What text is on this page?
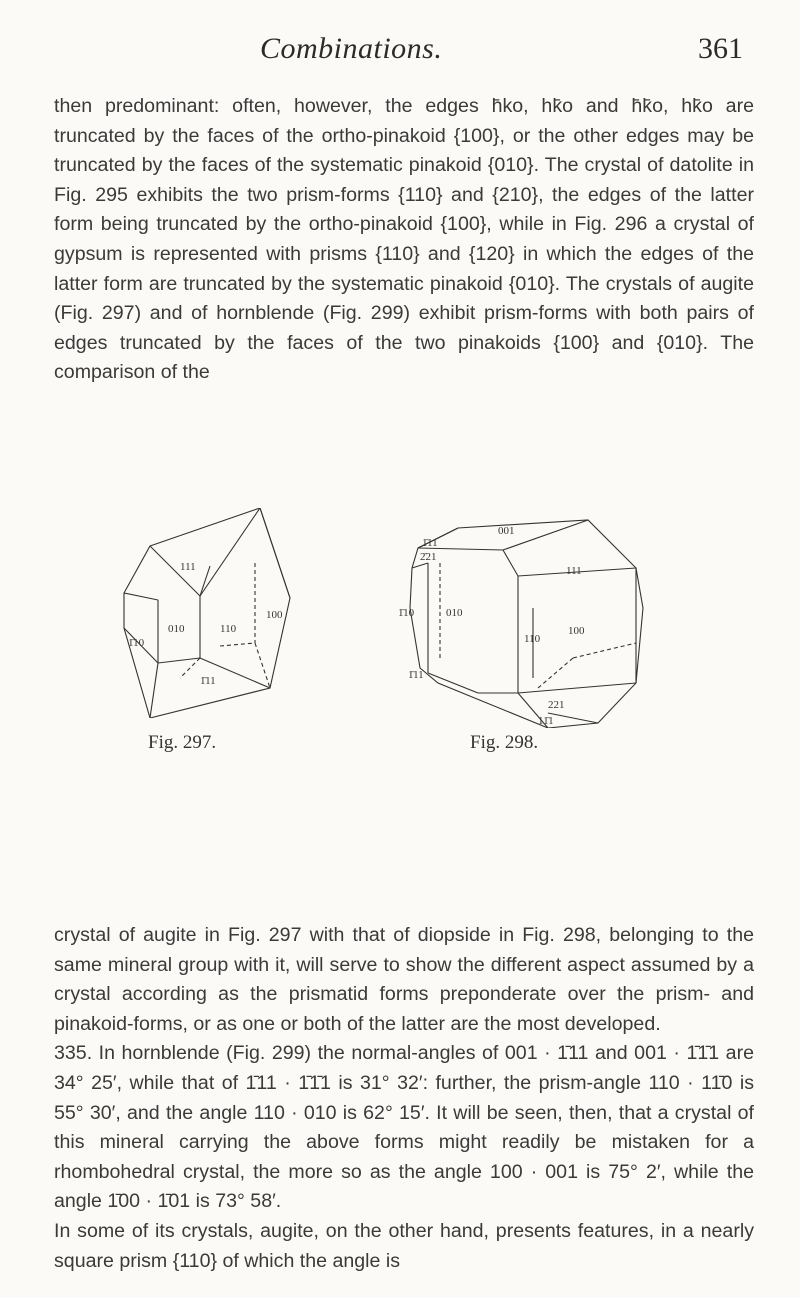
Combinations.	361

then predominant: often, however, the edges h̄ko, hk̄o and h̄k̄o, hk̄o are truncated by the faces of the ortho-pinakoid {100}, or the other edges may be truncated by the faces of the systematic pinakoid {010}. The crystal of datolite in Fig. 295 exhibits the two prism-forms {110} and {210}, the edges of the latter form being truncated by the ortho-pinakoid {100}, while in Fig. 296 a crystal of gypsum is represented with prisms {110} and {120} in which the edges of the latter form are truncated by the systematic pinakoid {010}. The crystals of augite (Fig. 297) and of hornblende (Fig. 299) exhibit prism-forms with both pairs of edges truncated by the faces of the two pinakoids {100} and {010}. The comparison of the

111
1̄10
010	110
100
1̄11
Fig. 297.
1̄11
2̄21
001
111
1̄10	010
100
110
1̄11
221
11̄1
Fig. 298.

crystal of augite in Fig. 297 with that of diopside in Fig. 298, belonging to the same mineral group with it, will serve to show the different aspect assumed by a crystal according as the prismatid forms preponderate over the prism- and pinakoid-forms, or as one or both of the latter are the most developed.
335. In hornblende (Fig. 299) the normal-angles of 001 · 1̄11 and 001 · 1̄1̄1 are 34° 25′, while that of 1̄11 · 1̄1̄1 is 31° 32′: further, the prism-angle 110 · 11̄0 is 55° 30′, and the angle 110 · 010 is 62° 15′. It will be seen, then, that a crystal of this mineral carrying the above forms might readily be mistaken for a rhombohedral crystal, the more so as the angle 100 · 001 is 75° 2′, while the angle 1̄00 · 1̄01 is 73° 58′.
In some of its crystals, augite, on the other hand, presents features, in a nearly square prism {110} of which the angle is
